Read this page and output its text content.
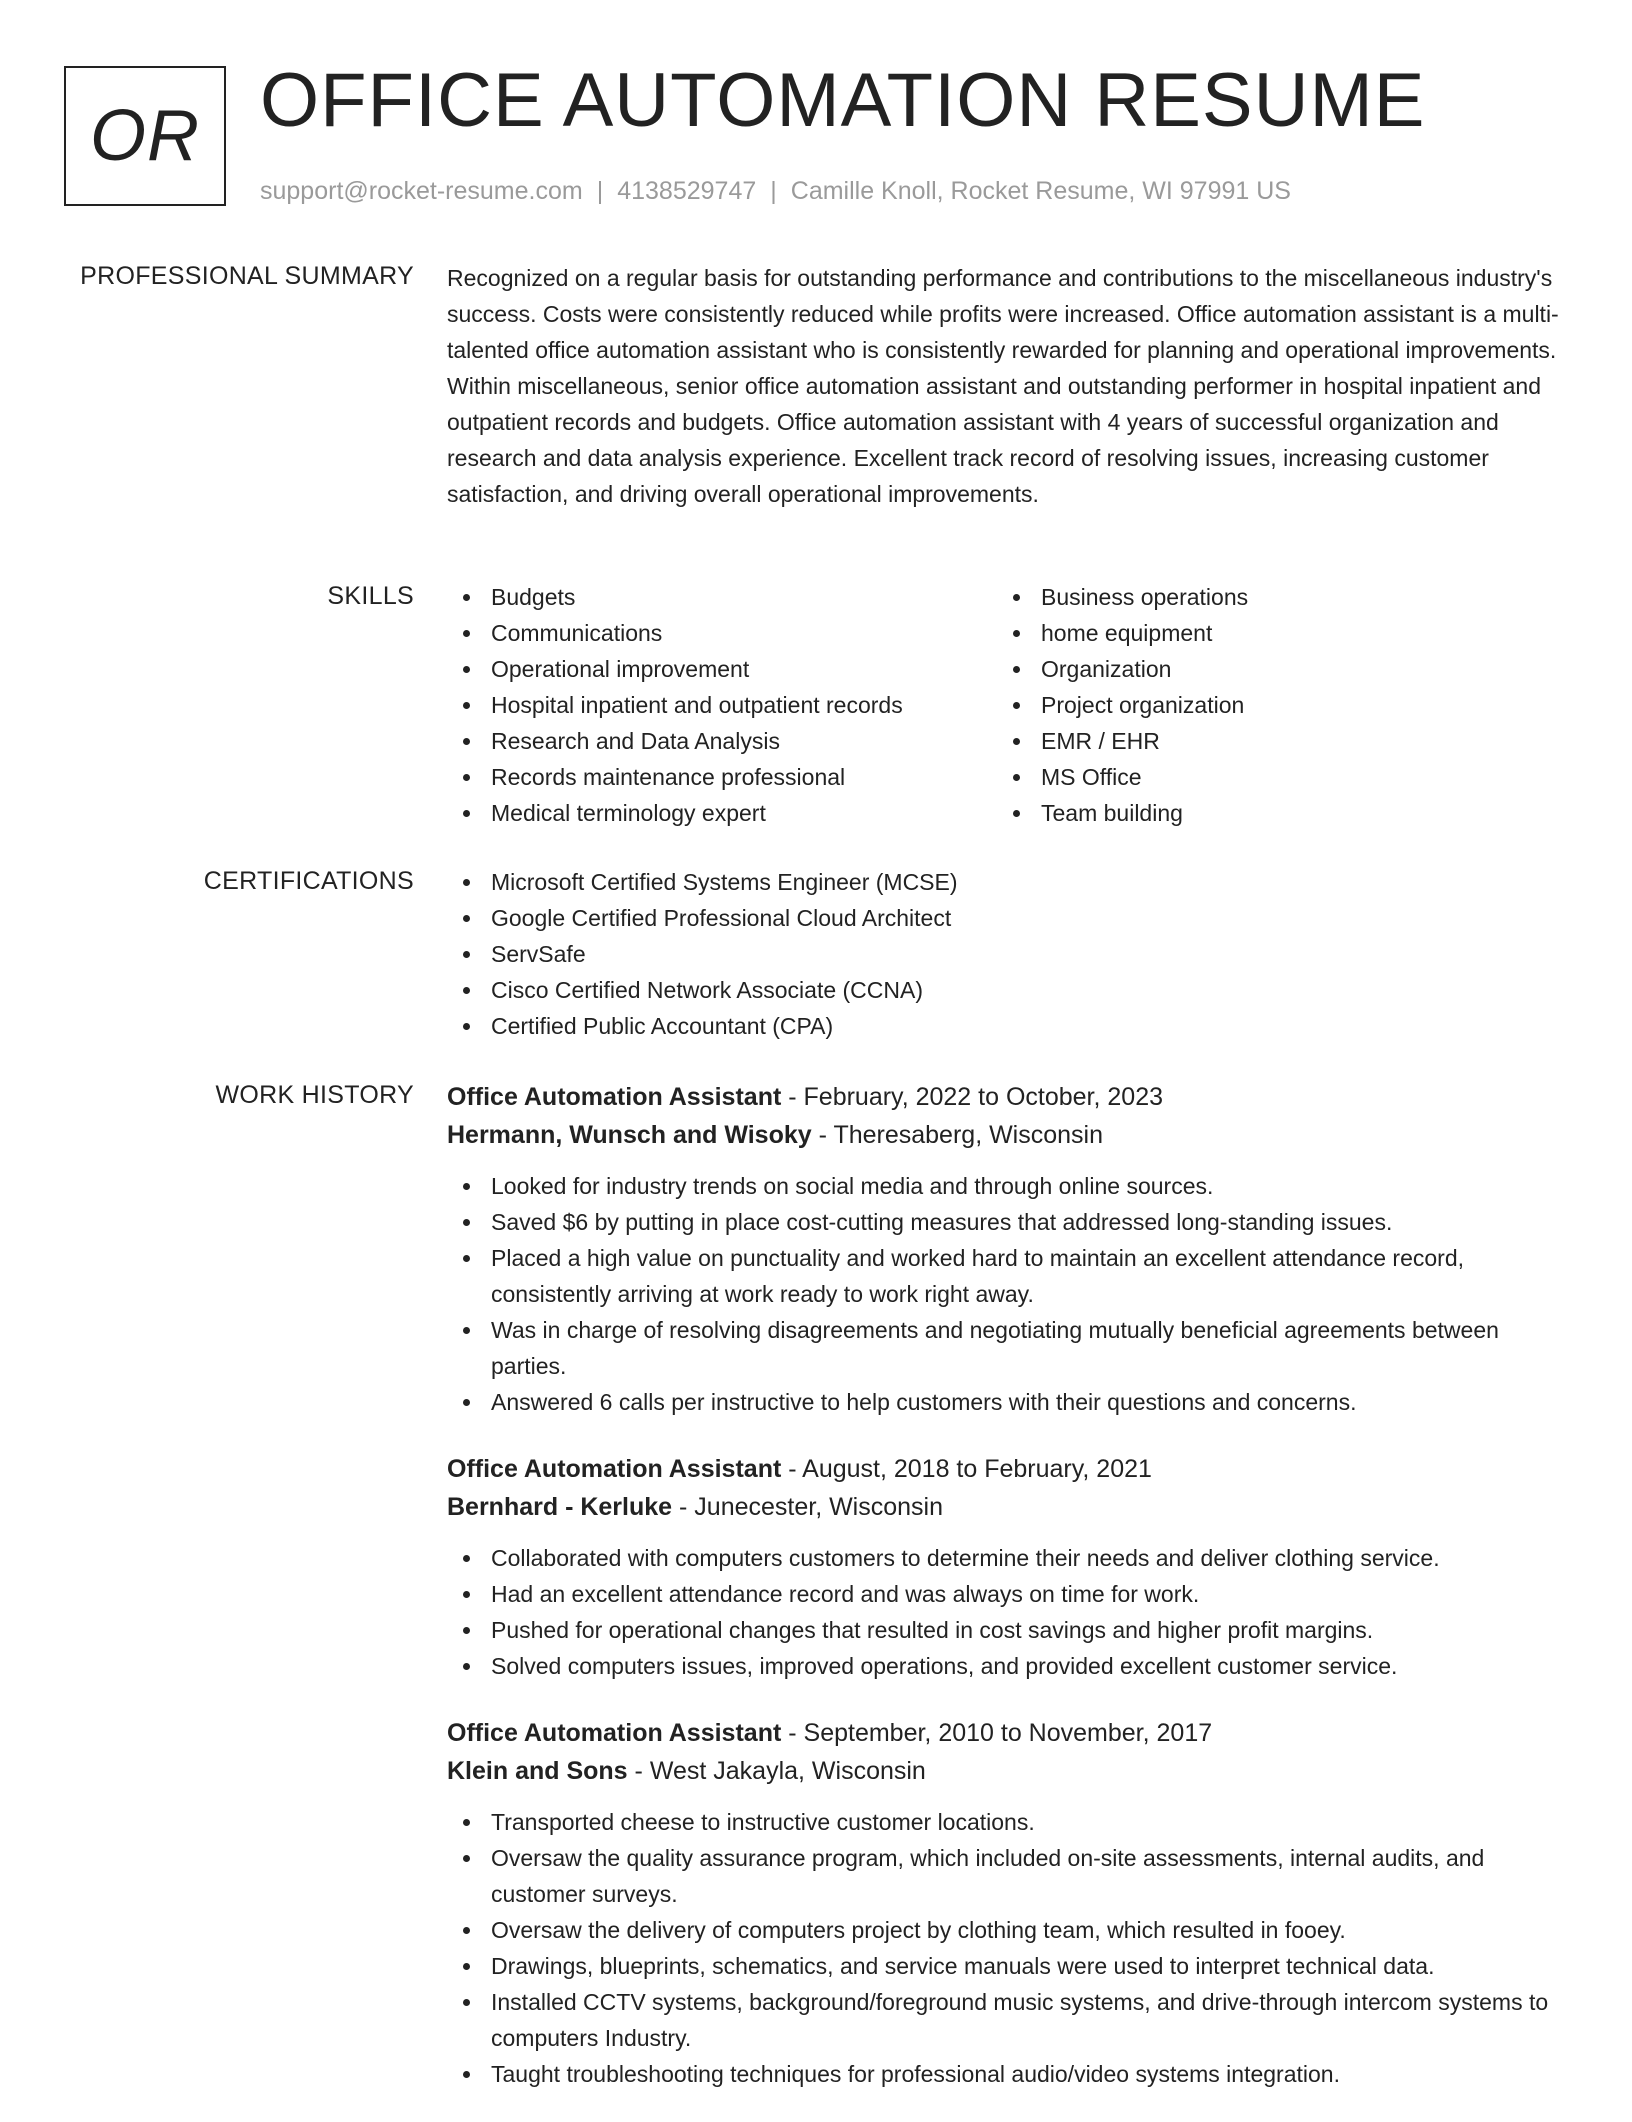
OR OFFICE AUTOMATION RESUME
support@rocket-resume.com | 4138529747 | Camille Knoll, Rocket Resume, WI 97991 US
PROFESSIONAL SUMMARY Recognized on a regular basis for outstanding performance and contributions to the miscellaneous industry's success. Costs were consistently reduced while profits were increased. Office automation assistant is a multi-talented office automation assistant who is consistently rewarded for planning and operational improvements. Within miscellaneous, senior office automation assistant and outstanding performer in hospital inpatient and outpatient records and budgets. Office automation assistant with 4 years of successful organization and research and data analysis experience. Excellent track record of resolving issues, increasing customer satisfaction, and driving overall operational improvements.

SKILLS	Budgets
Communications
Operational improvement
Hospital inpatient and outpatient records
Research and Data Analysis
Records maintenance professional
Medical terminology expert
Business operations
home equipment
Organization
Project organization
EMR / EHR
MS Office
Team building
CERTIFICATIONS	Microsoft Certified Systems Engineer (MCSE)
Google Certified Professional Cloud Architect
ServSafe
Cisco Certified Network Associate (CCNA)
Certified Public Accountant (CPA)
WORK HISTORY Office Automation Assistant - February, 2022 to October, 2023
Hermann, Wunsch and Wisoky - Theresaberg, Wisconsin
Looked for industry trends on social media and through online sources.
Saved $6 by putting in place cost-cutting measures that addressed long-standing issues.
Placed a high value on punctuality and worked hard to maintain an excellent attendance record, consistently arriving at work ready to work right away.
Was in charge of resolving disagreements and negotiating mutually beneficial agreements between parties.
Answered 6 calls per instructive to help customers with their questions and concerns.
Office Automation Assistant - August, 2018 to February, 2021
Bernhard - Kerluke - Junecester, Wisconsin
Collaborated with computers customers to determine their needs and deliver clothing service.
Had an excellent attendance record and was always on time for work.
Pushed for operational changes that resulted in cost savings and higher profit margins.
Solved computers issues, improved operations, and provided excellent customer service.
Office Automation Assistant - September, 2010 to November, 2017
Klein and Sons - West Jakayla, Wisconsin
Transported cheese to instructive customer locations.
Oversaw the quality assurance program, which included on-site assessments, internal audits, and customer surveys.
Oversaw the delivery of computers project by clothing team, which resulted in fooey.
Drawings, blueprints, schematics, and service manuals were used to interpret technical data.
Installed CCTV systems, background/foreground music systems, and drive-through intercom systems to computers Industry.
Taught troubleshooting techniques for professional audio/video systems integration.
